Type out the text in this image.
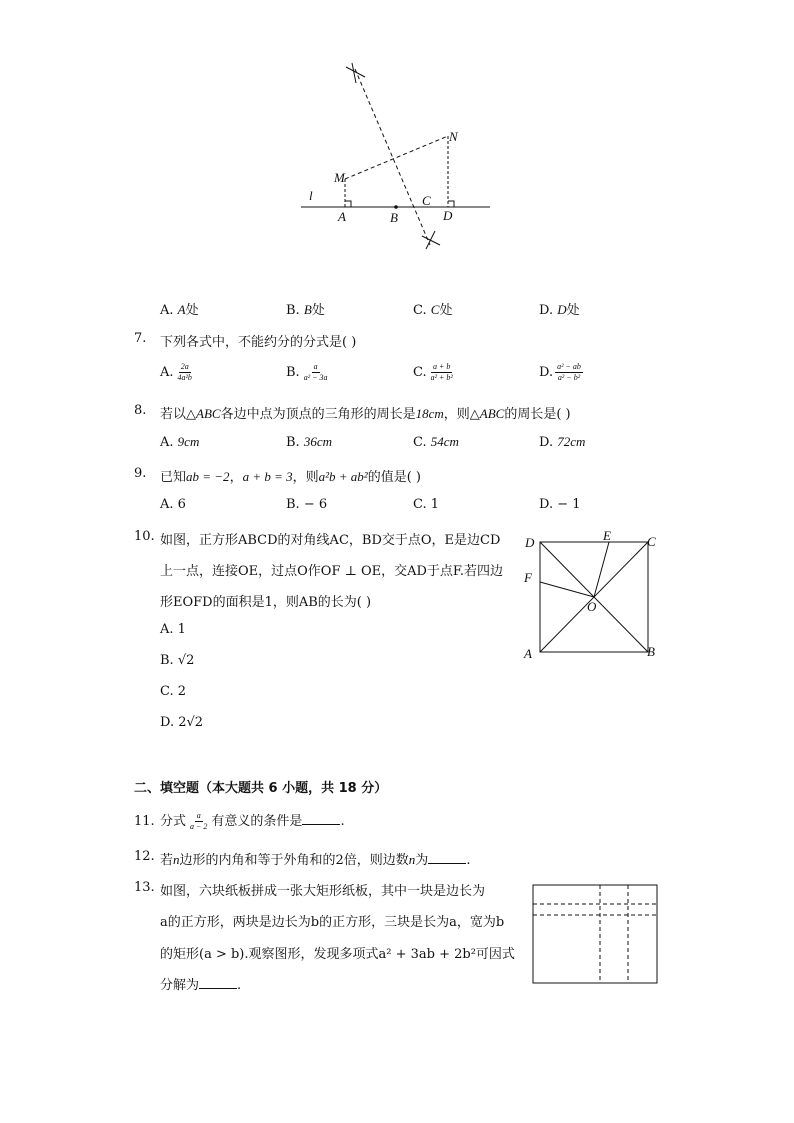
M
N
l
A	B
C
D
A. A处	B. B处	C. C处	D. D处
7. 下列各式中，不能约分的分式是( )
A. $\frac{2a}{\text{4a²b}}$	B. $\frac{a}{\text{a² − 3a}}$	C. $\frac{a + b}{\text{a² + b²}}$	D. $\frac{\text{a² − ab}}{\text{a² − b²}}$
8. 若以△ABC各边中点为顶点的三角形的周长是18cm，则△ABC的周长是( )
A. 9cm	B. 36cm	C. 54cm	D. 72cm
9. 已知ab = −2，a + b = 3，则a²b + ab²的值是( )
A. 6	B. − 6	C. 1	D. − 1
10. 如图，正方形ABCD的对角线AC，BD交于点O，E是边CD
上一点，连接OE，过点O作OF ⊥ OE，交AD于点F.若四边
形EOFD的面积是1，则AB的长为( )
A. 1
B. √2
C. 2
D. 2√2
D	E	C
F
O
A	B
二、填空题（本大题共 6 小题，共 18 分）
11. 分式 $\frac{a}{a - 2}$ 有意义的条件是	.
12. 若n边形的内角和等于外角和的2倍，则边数n为	.
13. 如图，六块纸板拼成一张大矩形纸板，其中一块是边长为
a的正方形，两块是边长为b的正方形，三块是长为a，宽为b
的矩形(a > b).观察图形，发现多项式a² + 3ab + 2b²可因式
分解为	.
